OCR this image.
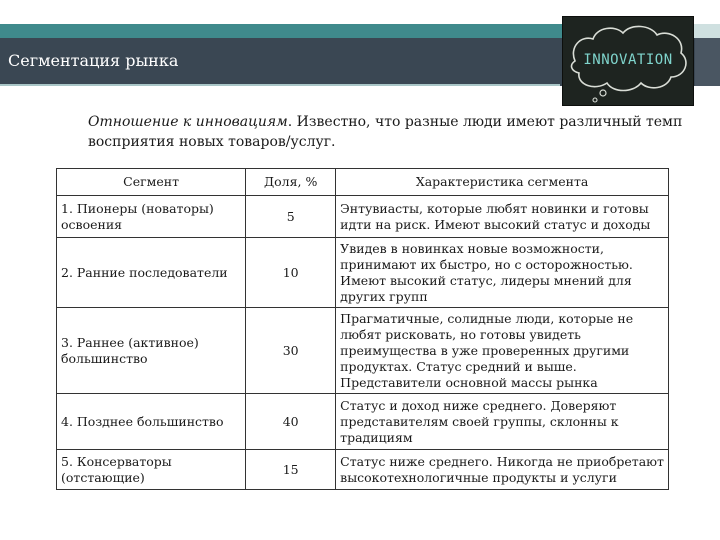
Сегментация рынка	INNOVATION
Отношение к инновациям. Известно, что разные люди имеют различный темп восприятия новых товаров/услуг.
Сегмент	Доля, %	Характеристика сегмента
1. Пионеры (новаторы) освоения	5	Энтувиасты, которые любят новинки и готовы идти на риск. Имеют высокий статус и доходы
2. Ранние последователи	10	Увидев в новинках новые возможности, принимают их быстро, но с осторожностью. Имеют высокий статус, лидеры мнений для других групп
3. Раннее (активное) большинство	30	Прагматичные, солидные люди, которые не любят рисковать, но готовы увидеть преимущества в уже проверенных другими продуктах. Статус средний и выше. Представители основной массы рынка
4. Позднее большинство	40	Статус и доход ниже среднего. Доверяют представителям своей группы, склонны к традициям
5. Консерваторы (отстающие)	15	Статус ниже среднего. Никогда не приобретают высокотехнологичные продукты и услуги
